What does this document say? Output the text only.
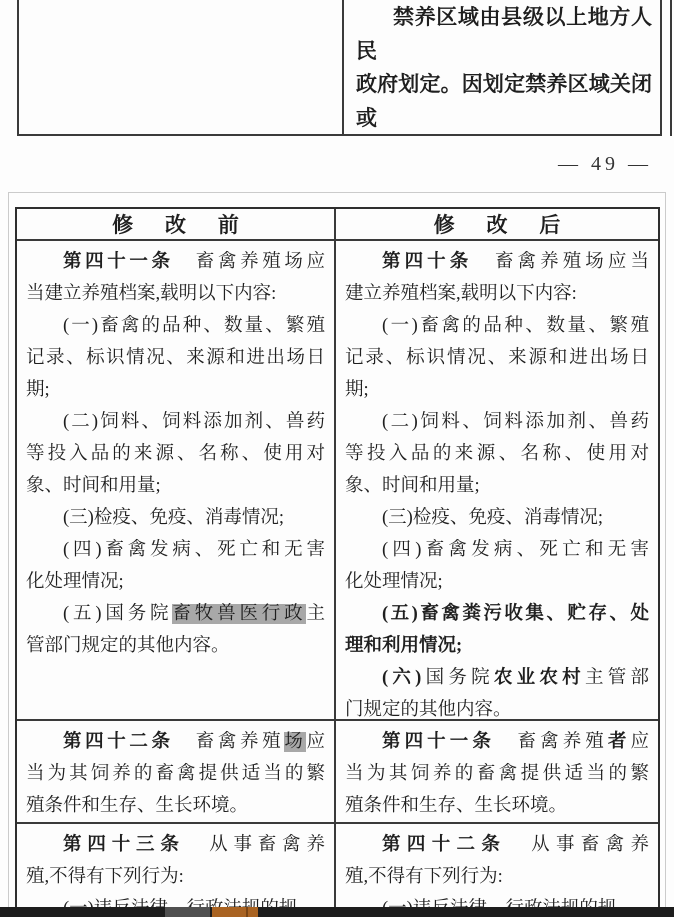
禁养区域由县级以上地方人民
政府划定。因划定禁养区域关闭或
— 49 —
修 改 前	修 改 后
第四十一条　畜禽养殖场应
当建立养殖档案,载明以下内容:
(一)畜禽的品种、数量、繁殖
记录、标识情况、来源和进出场日
期;
(二)饲料、饲料添加剂、兽药
等投入品的来源、名称、使用对
象、时间和用量;
(三)检疫、免疫、消毒情况;
(四)畜禽发病、死亡和无害
化处理情况;
(五)国务院畜牧兽医行政主
管部门规定的其他内容。
第四十条　畜禽养殖场应当
建立养殖档案,载明以下内容:
(一)畜禽的品种、数量、繁殖
记录、标识情况、来源和进出场日
期;
(二)饲料、饲料添加剂、兽药
等投入品的来源、名称、使用对
象、时间和用量;
(三)检疫、免疫、消毒情况;
(四)畜禽发病、死亡和无害
化处理情况;
(五)畜禽粪污收集、贮存、处
理和利用情况;
(六)国务院农业农村主管部
门规定的其他内容。
第四十二条　畜禽养殖场应
当为其饲养的畜禽提供适当的繁
殖条件和生存、生长环境。
第四十一条　畜禽养殖者应
当为其饲养的畜禽提供适当的繁
殖条件和生存、生长环境。
第四十三条　从事畜禽养
殖,不得有下列行为:
第四十二条　从事畜禽养
殖,不得有下列行为:
